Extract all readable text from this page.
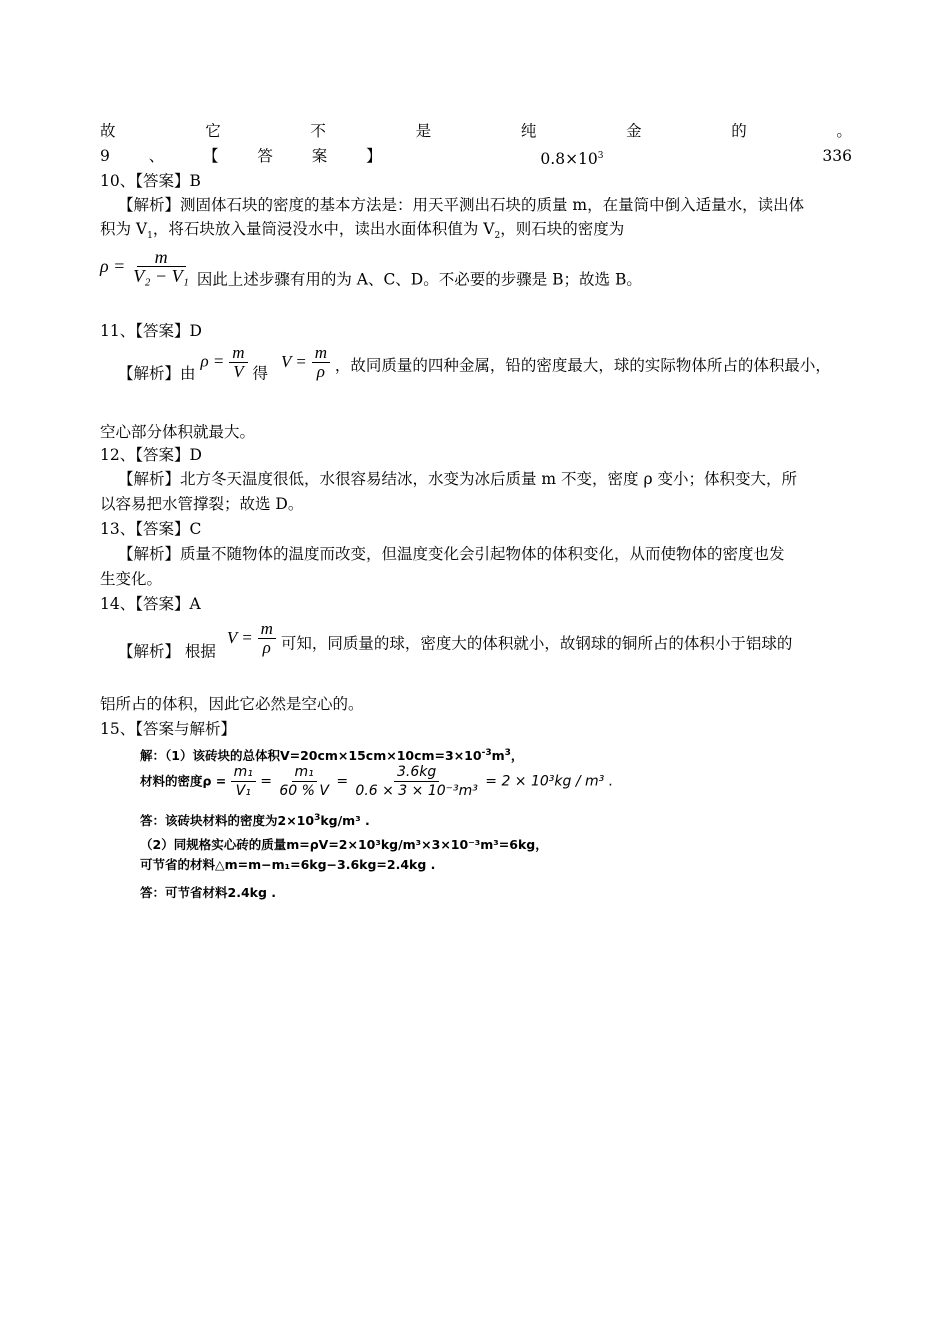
故	它	不	是	纯	金	的	。
9	、	【	答	案	】	$0.8\times 10^3$	336
10、【答案】B
【解析】测固体石块的密度的基本方法是：用天平测出石块的质量 m，在量筒中倒入适量水，读出体
积为 $V_1$，将石块放入量筒浸没水中，读出水面体积值为 $V_2$，则石块的密度为
$\rho = \frac{m}{\text{V₂ − V₁}}$ 因此上述步骤有用的为 A、C、D。不必要的步骤是 B；故选 B。
11、【答案】D
【解析】由 $\rho = \frac{m}{V}$ 得 $V = \frac{m}{\rho}$ ，故同质量的四种金属，铅的密度最大，球的实际物体所占的体积最小，
空心部分体积就最大。
12、【答案】D
【解析】北方冬天温度很低，水很容易结冰，水变为冰后质量 m 不变，密度 ρ 变小；体积变大，所
以容易把水管撑裂；故选 D。
13、【答案】C
【解析】质量不随物体的温度而改变，但温度变化会引起物体的体积变化，从而使物体的密度也发
生变化。
14、【答案】A
【解析】 根据 $V = \frac{m}{\rho}$ 可知，同质量的球，密度大的体积就小，故钢球的铜所占的体积小于铝球的
铝所占的体积，因此它必然是空心的。
15、【答案与解析】
解：（1）该砖块的总体积$V=20cm\times 15cm\times 10cm=3\times 10^{-3}m^3$，
材料的密度$\rho = \frac{\text{m₁}}{\text{V₁}} = \frac{\text{m₁}}{60 \% V} = \frac{3.6kg}{\text{0.6 × 3 × 10⁻³m³}} = 2 \times 10^3kg / m^3$ .
答：该砖块材料的密度为$2\times 10^3kg/m^3$ .
（2）同规格实心砖的质量m=ρV=2×10³kg/m³×3×10⁻³m³=6kg，
可节省的材料△m=m−m₁=6kg−3.6kg=2.4kg .
答：可节省材料2.4kg .
